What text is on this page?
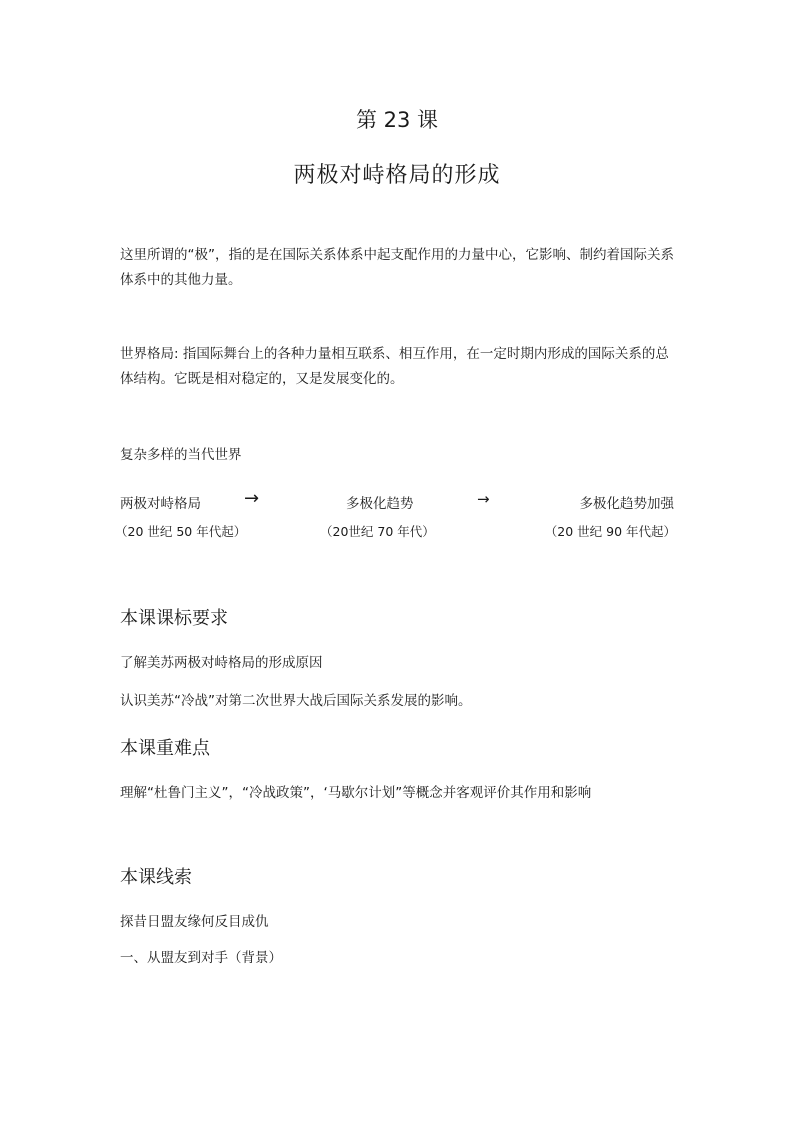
第 23 课
两极对峙格局的形成
这里所谓的“极”，指的是在国际关系体系中起支配作用的力量中心，它影响、制约着国际关系体系中的其他力量。
世界格局: 指国际舞台上的各种力量相互联系、相互作用，在一定时期内形成的国际关系的总体结构。它既是相对稳定的，又是发展变化的。
复杂多样的当代世界
两极对峙格局 →	多极化趋势	→	多极化趋势加强
（20 世纪 50 年代起）	（20世纪 70 年代）	（20 世纪 90 年代起）
本课课标要求
了解美苏两极对峙格局的形成原因
认识美苏“冷战”对第二次世界大战后国际关系发展的影响。
本课重难点
理解“杜鲁门主义”，“冷战政策”，‘马歇尔计划”等概念并客观评价其作用和影响
本课线索
探昔日盟友缘何反目成仇
一、从盟友到对手（背景）
